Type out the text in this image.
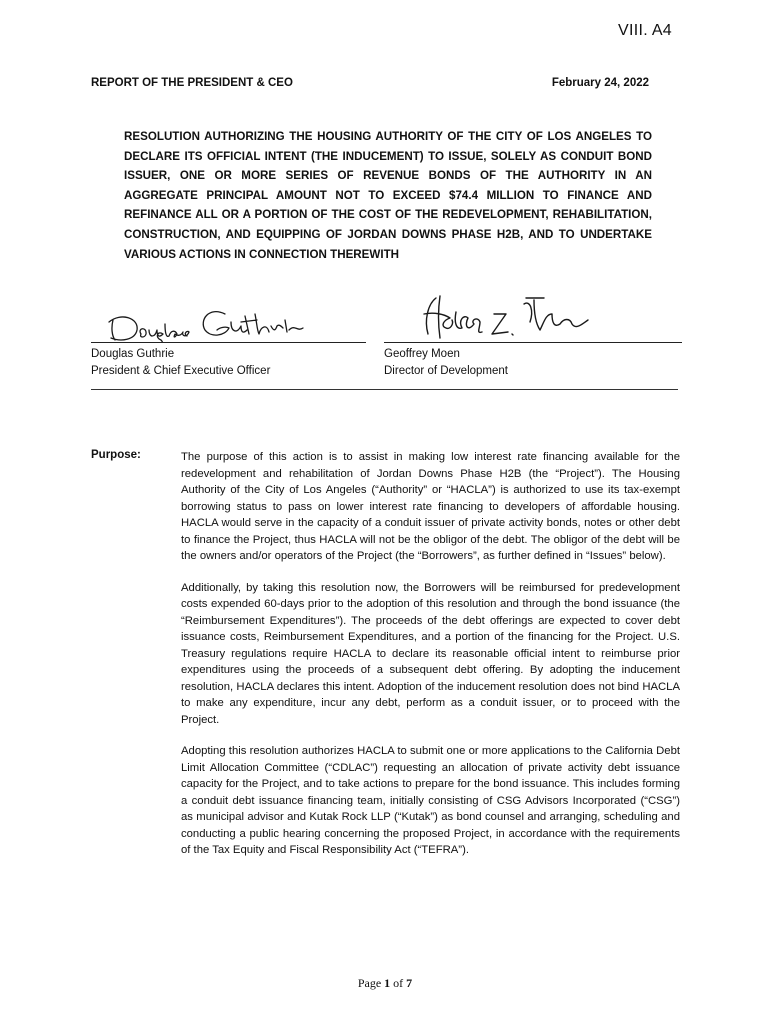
VIII. A4
REPORT OF THE PRESIDENT & CEO	February 24, 2022

RESOLUTION AUTHORIZING THE HOUSING AUTHORITY OF THE CITY OF LOS ANGELES TO DECLARE ITS OFFICIAL INTENT (THE INDUCEMENT) TO ISSUE, SOLELY AS CONDUIT BOND ISSUER, ONE OR MORE SERIES OF REVENUE BONDS OF THE AUTHORITY IN AN AGGREGATE PRINCIPAL AMOUNT NOT TO EXCEED $74.4 MILLION TO FINANCE AND REFINANCE ALL OR A PORTION OF THE COST OF THE REDEVELOPMENT, REHABILITATION, CONSTRUCTION, AND EQUIPPING OF JORDAN DOWNS PHASE H2B, AND TO UNDERTAKE VARIOUS ACTIONS IN CONNECTION THEREWITH

Douglas Guthrie
President & Chief Executive Officer
Geoffrey Moen
Director of Development
Purpose:	The purpose of this action is to assist in making low interest rate financing available for the redevelopment and rehabilitation of Jordan Downs Phase H2B (the “Project”). The Housing Authority of the City of Los Angeles (“Authority” or “HACLA”) is authorized to use its tax-exempt borrowing status to pass on lower interest rate financing to developers of affordable housing. HACLA would serve in the capacity of a conduit issuer of private activity bonds, notes or other debt to finance the Project, thus HACLA will not be the obligor of the debt. The obligor of the debt will be the owners and/or operators of the Project (the “Borrowers”, as further defined in “Issues” below).

Additionally, by taking this resolution now, the Borrowers will be reimbursed for predevelopment costs expended 60-days prior to the adoption of this resolution and through the bond issuance (the “Reimbursement Expenditures”). The proceeds of the debt offerings are expected to cover debt issuance costs, Reimbursement Expenditures, and a portion of the financing for the Project. U.S. Treasury regulations require HACLA to declare its reasonable official intent to reimburse prior expenditures using the proceeds of a subsequent debt offering. By adopting the inducement resolution, HACLA declares this intent. Adoption of the inducement resolution does not bind HACLA to make any expenditure, incur any debt, perform as a conduit issuer, or to proceed with the Project.

Adopting this resolution authorizes HACLA to submit one or more applications to the California Debt Limit Allocation Committee (“CDLAC”) requesting an allocation of private activity debt issuance capacity for the Project, and to take actions to prepare for the bond issuance. This includes forming a conduit debt issuance financing team, initially consisting of CSG Advisors Incorporated (“CSG”) as municipal advisor and Kutak Rock LLP (“Kutak”) as bond counsel and arranging, scheduling and conducting a public hearing concerning the proposed Project, in accordance with the requirements of the Tax Equity and Fiscal Responsibility Act (“TEFRA”).

Page 1 of 7
